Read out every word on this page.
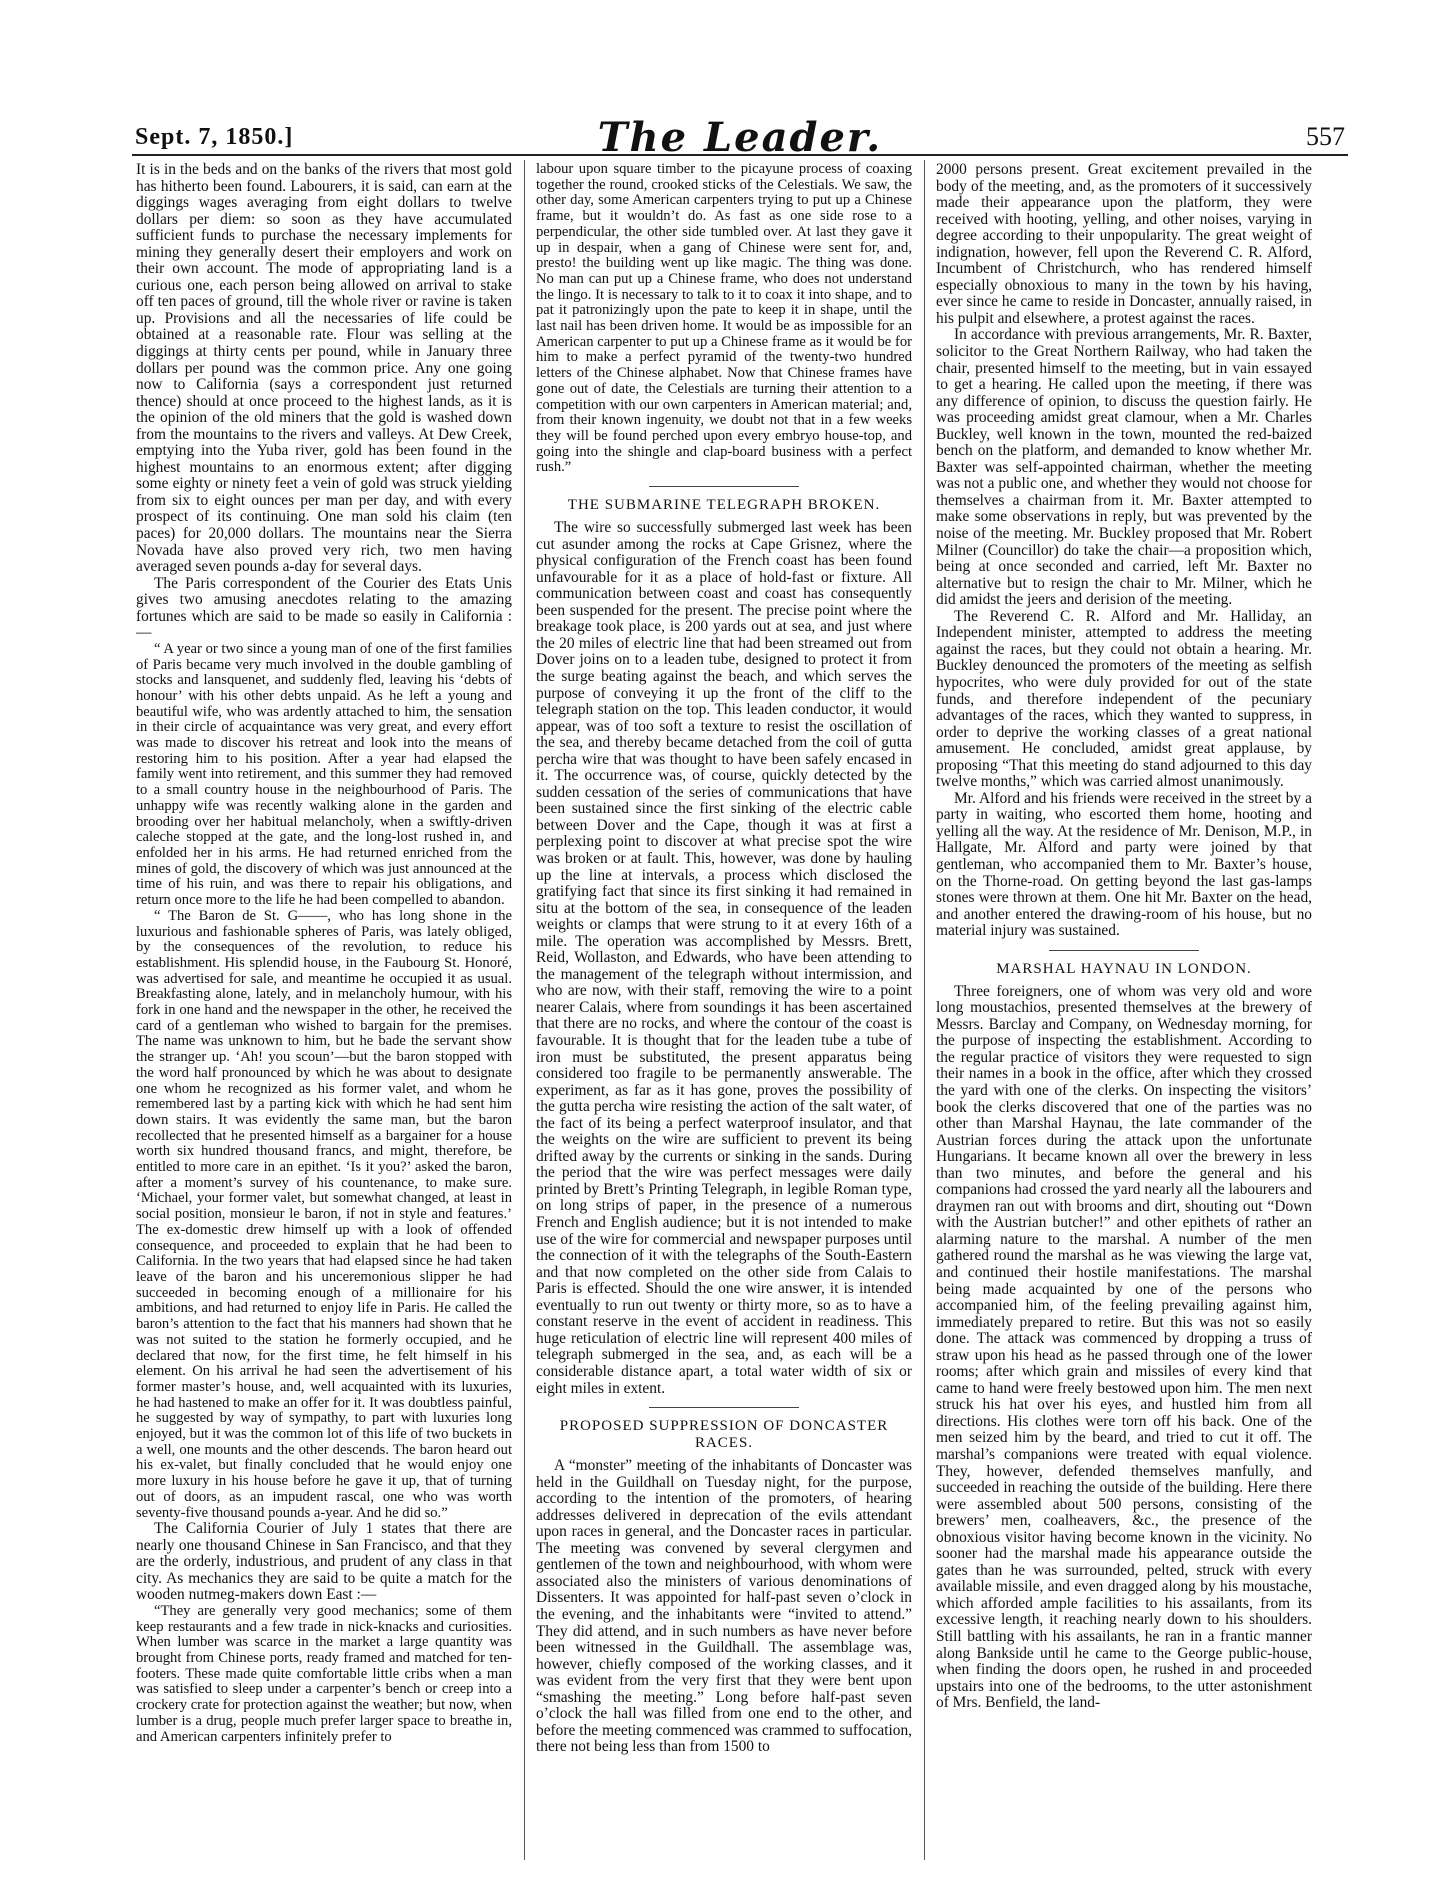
Sept. 7, 1850.]	The Leader.	557

It is in the beds and on the banks of the rivers that most gold has hitherto been found. Labourers, it is said, can earn at the diggings wages averaging from eight dollars to twelve dollars per diem: so soon as they have accumulated sufficient funds to purchase the necessary implements for mining they generally desert their employers and work on their own account. The mode of appropriating land is a curious one, each person being allowed on arrival to stake off ten paces of ground, till the whole river or ravine is taken up. Provisions and all the necessaries of life could be obtained at a reasonable rate. Flour was selling at the diggings at thirty cents per pound, while in January three dollars per pound was the common price. Any one going now to California (says a correspondent just returned thence) should at once proceed to the highest lands, as it is the opinion of the old miners that the gold is washed down from the mountains to the rivers and valleys. At Dew Creek, emptying into the Yuba river, gold has been found in the highest mountains to an enormous extent; after digging some eighty or ninety feet a vein of gold was struck yielding from six to eight ounces per man per day, and with every prospect of its continuing. One man sold his claim (ten paces) for 20,000 dollars. The mountains near the Sierra Novada have also proved very rich, two men having averaged seven pounds a-day for several days.

The Paris correspondent of the Courier des Etats Unis gives two amusing anecdotes relating to the amazing fortunes which are said to be made so easily in California :—

“ A year or two since a young man of one of the first families of Paris became very much involved in the double gambling of stocks and lansquenet, and suddenly fled, leaving his ‘debts of honour’ with his other debts unpaid. As he left a young and beautiful wife, who was ardently attached to him, the sensation in their circle of acquaintance was very great, and every effort was made to discover his retreat and look into the means of restoring him to his position. After a year had elapsed the family went into retirement, and this summer they had removed to a small country house in the neighbourhood of Paris. The unhappy wife was recently walking alone in the garden and brooding over her habitual melancholy, when a swiftly-driven caleche stopped at the gate, and the long-lost rushed in, and enfolded her in his arms. He had returned enriched from the mines of gold, the discovery of which was just announced at the time of his ruin, and was there to repair his obligations, and return once more to the life he had been compelled to abandon.

“ The Baron de St. G——, who has long shone in the luxurious and fashionable spheres of Paris, was lately obliged, by the consequences of the revolution, to reduce his establishment. His splendid house, in the Faubourg St. Honoré, was advertised for sale, and meantime he occupied it as usual. Breakfasting alone, lately, and in melancholy humour, with his fork in one hand and the newspaper in the other, he received the card of a gentleman who wished to bargain for the premises. The name was unknown to him, but he bade the servant show the stranger up. ‘Ah! you scoun’—but the baron stopped with the word half pronounced by which he was about to designate one whom he recognized as his former valet, and whom he remembered last by a parting kick with which he had sent him down stairs. It was evidently the same man, but the baron recollected that he presented himself as a bargainer for a house worth six hundred thousand francs, and might, therefore, be entitled to more care in an epithet. ‘Is it you?’ asked the baron, after a moment’s survey of his countenance, to make sure. ‘Michael, your former valet, but somewhat changed, at least in social position, monsieur le baron, if not in style and features.’ The ex-domestic drew himself up with a look of offended consequence, and proceeded to explain that he had been to California. In the two years that had elapsed since he had taken leave of the baron and his unceremonious slipper he had succeeded in becoming enough of a millionaire for his ambitions, and had returned to enjoy life in Paris. He called the baron’s attention to the fact that his manners had shown that he was not suited to the station he formerly occupied, and he declared that now, for the first time, he felt himself in his element. On his arrival he had seen the advertisement of his former master’s house, and, well acquainted with its luxuries, he had hastened to make an offer for it. It was doubtless painful, he suggested by way of sympathy, to part with luxuries long enjoyed, but it was the common lot of this life of two buckets in a well, one mounts and the other descends. The baron heard out his ex-valet, but finally concluded that he would enjoy one more luxury in his house before he gave it up, that of turning out of doors, as an impudent rascal, one who was worth seventy-five thousand pounds a-year. And he did so.”

The California Courier of July 1 states that there are nearly one thousand Chinese in San Francisco, and that they are the orderly, industrious, and prudent of any class in that city. As mechanics they are said to be quite a match for the wooden nutmeg-makers down East :—

“They are generally very good mechanics; some of them keep restaurants and a few trade in nick-knacks and curiosities. When lumber was scarce in the market a large quantity was brought from Chinese ports, ready framed and matched for ten-footers. These made quite comfortable little cribs when a man was satisfied to sleep under a carpenter’s bench or creep into a crockery crate for protection against the weather; but now, when lumber is a drug, people much prefer larger space to breathe in, and American carpenters infinitely prefer to

labour upon square timber to the picayune process of coaxing together the round, crooked sticks of the Celestials. We saw, the other day, some American carpenters trying to put up a Chinese frame, but it wouldn’t do. As fast as one side rose to a perpendicular, the other side tumbled over. At last they gave it up in despair, when a gang of Chinese were sent for, and, presto! the building went up like magic. The thing was done. No man can put up a Chinese frame, who does not understand the lingo. It is necessary to talk to it to coax it into shape, and to pat it patronizingly upon the pate to keep it in shape, until the last nail has been driven home. It would be as impossible for an American carpenter to put up a Chinese frame as it would be for him to make a perfect pyramid of the twenty-two hundred letters of the Chinese alphabet. Now that Chinese frames have gone out of date, the Celestials are turning their attention to a competition with our own carpenters in American material; and, from their known ingenuity, we doubt not that in a few weeks they will be found perched upon every embryo house-top, and going into the shingle and clap-board business with a perfect rush.”

THE SUBMARINE TELEGRAPH BROKEN.

The wire so successfully submerged last week has been cut asunder among the rocks at Cape Grisnez, where the physical configuration of the French coast has been found unfavourable for it as a place of hold-fast or fixture. All communication between coast and coast has consequently been suspended for the present. The precise point where the breakage took place, is 200 yards out at sea, and just where the 20 miles of electric line that had been streamed out from Dover joins on to a leaden tube, designed to protect it from the surge beating against the beach, and which serves the purpose of conveying it up the front of the cliff to the telegraph station on the top. This leaden conductor, it would appear, was of too soft a texture to resist the oscillation of the sea, and thereby became detached from the coil of gutta percha wire that was thought to have been safely encased in it. The occurrence was, of course, quickly detected by the sudden cessation of the series of communications that have been sustained since the first sinking of the electric cable between Dover and the Cape, though it was at first a perplexing point to discover at what precise spot the wire was broken or at fault. This, however, was done by hauling up the line at intervals, a process which disclosed the gratifying fact that since its first sinking it had remained in situ at the bottom of the sea, in consequence of the leaden weights or clamps that were strung to it at every 16th of a mile. The operation was accomplished by Messrs. Brett, Reid, Wollaston, and Edwards, who have been attending to the management of the telegraph without intermission, and who are now, with their staff, removing the wire to a point nearer Calais, where from soundings it has been ascertained that there are no rocks, and where the contour of the coast is favourable. It is thought that for the leaden tube a tube of iron must be substituted, the present apparatus being considered too fragile to be permanently answerable. The experiment, as far as it has gone, proves the possibility of the gutta percha wire resisting the action of the salt water, of the fact of its being a perfect waterproof insulator, and that the weights on the wire are sufficient to prevent its being drifted away by the currents or sinking in the sands. During the period that the wire was perfect messages were daily printed by Brett’s Printing Telegraph, in legible Roman type, on long strips of paper, in the presence of a numerous French and English audience; but it is not intended to make use of the wire for commercial and newspaper purposes until the connection of it with the telegraphs of the South-Eastern and that now completed on the other side from Calais to Paris is effected. Should the one wire answer, it is intended eventually to run out twenty or thirty more, so as to have a constant reserve in the event of accident in readiness. This huge reticulation of electric line will represent 400 miles of telegraph submerged in the sea, and, as each will be a considerable distance apart, a total water width of six or eight miles in extent.

PROPOSED SUPPRESSION OF DONCASTER RACES.

A “monster” meeting of the inhabitants of Doncaster was held in the Guildhall on Tuesday night, for the purpose, according to the intention of the promoters, of hearing addresses delivered in deprecation of the evils attendant upon races in general, and the Doncaster races in particular. The meeting was convened by several clergymen and gentlemen of the town and neighbourhood, with whom were associated also the ministers of various denominations of Dissenters. It was appointed for half-past seven o’clock in the evening, and the inhabitants were “invited to attend.” They did attend, and in such numbers as have never before been witnessed in the Guildhall. The assemblage was, however, chiefly composed of the working classes, and it was evident from the very first that they were bent upon “smashing the meeting.” Long before half-past seven o’clock the hall was filled from one end to the other, and before the meeting commenced was crammed to suffocation, there not being less than from 1500 to

2000 persons present. Great excitement prevailed in the body of the meeting, and, as the promoters of it successively made their appearance upon the platform, they were received with hooting, yelling, and other noises, varying in degree according to their unpopularity. The great weight of indignation, however, fell upon the Reverend C. R. Alford, Incumbent of Christchurch, who has rendered himself especially obnoxious to many in the town by his having, ever since he came to reside in Doncaster, annually raised, in his pulpit and elsewhere, a protest against the races.

In accordance with previous arrangements, Mr. R. Baxter, solicitor to the Great Northern Railway, who had taken the chair, presented himself to the meeting, but in vain essayed to get a hearing. He called upon the meeting, if there was any difference of opinion, to discuss the question fairly. He was proceeding amidst great clamour, when a Mr. Charles Buckley, well known in the town, mounted the red-baized bench on the platform, and demanded to know whether Mr. Baxter was self-appointed chairman, whether the meeting was not a public one, and whether they would not choose for themselves a chairman from it. Mr. Baxter attempted to make some observations in reply, but was prevented by the noise of the meeting. Mr. Buckley proposed that Mr. Robert Milner (Councillor) do take the chair—a proposition which, being at once seconded and carried, left Mr. Baxter no alternative but to resign the chair to Mr. Milner, which he did amidst the jeers and derision of the meeting.

The Reverend C. R. Alford and Mr. Halliday, an Independent minister, attempted to address the meeting against the races, but they could not obtain a hearing. Mr. Buckley denounced the promoters of the meeting as selfish hypocrites, who were duly provided for out of the state funds, and therefore independent of the pecuniary advantages of the races, which they wanted to suppress, in order to deprive the working classes of a great national amusement. He concluded, amidst great applause, by proposing “That this meeting do stand adjourned to this day twelve months,” which was carried almost unanimously.

Mr. Alford and his friends were received in the street by a party in waiting, who escorted them home, hooting and yelling all the way. At the residence of Mr. Denison, M.P., in Hallgate, Mr. Alford and party were joined by that gentleman, who accompanied them to Mr. Baxter’s house, on the Thorne-road. On getting beyond the last gas-lamps stones were thrown at them. One hit Mr. Baxter on the head, and another entered the drawing-room of his house, but no material injury was sustained.

MARSHAL HAYNAU IN LONDON.

Three foreigners, one of whom was very old and wore long moustachios, presented themselves at the brewery of Messrs. Barclay and Company, on Wednesday morning, for the purpose of inspecting the establishment. According to the regular practice of visitors they were requested to sign their names in a book in the office, after which they crossed the yard with one of the clerks. On inspecting the visitors’ book the clerks discovered that one of the parties was no other than Marshal Haynau, the late commander of the Austrian forces during the attack upon the unfortunate Hungarians. It became known all over the brewery in less than two minutes, and before the general and his companions had crossed the yard nearly all the labourers and draymen ran out with brooms and dirt, shouting out “Down with the Austrian butcher!” and other epithets of rather an alarming nature to the marshal. A number of the men gathered round the marshal as he was viewing the large vat, and continued their hostile manifestations. The marshal being made acquainted by one of the persons who accompanied him, of the feeling prevailing against him, immediately prepared to retire. But this was not so easily done. The attack was commenced by dropping a truss of straw upon his head as he passed through one of the lower rooms; after which grain and missiles of every kind that came to hand were freely bestowed upon him. The men next struck his hat over his eyes, and hustled him from all directions. His clothes were torn off his back. One of the men seized him by the beard, and tried to cut it off. The marshal’s companions were treated with equal violence. They, however, defended themselves manfully, and succeeded in reaching the outside of the building. Here there were assembled about 500 persons, consisting of the brewers’ men, coalheavers, &c., the presence of the obnoxious visitor having become known in the vicinity. No sooner had the marshal made his appearance outside the gates than he was surrounded, pelted, struck with every available missile, and even dragged along by his moustache, which afforded ample facilities to his assailants, from its excessive length, it reaching nearly down to his shoulders. Still battling with his assailants, he ran in a frantic manner along Bankside until he came to the George public-house, when finding the doors open, he rushed in and proceeded upstairs into one of the bedrooms, to the utter astonishment of Mrs. Benfield, the land-
